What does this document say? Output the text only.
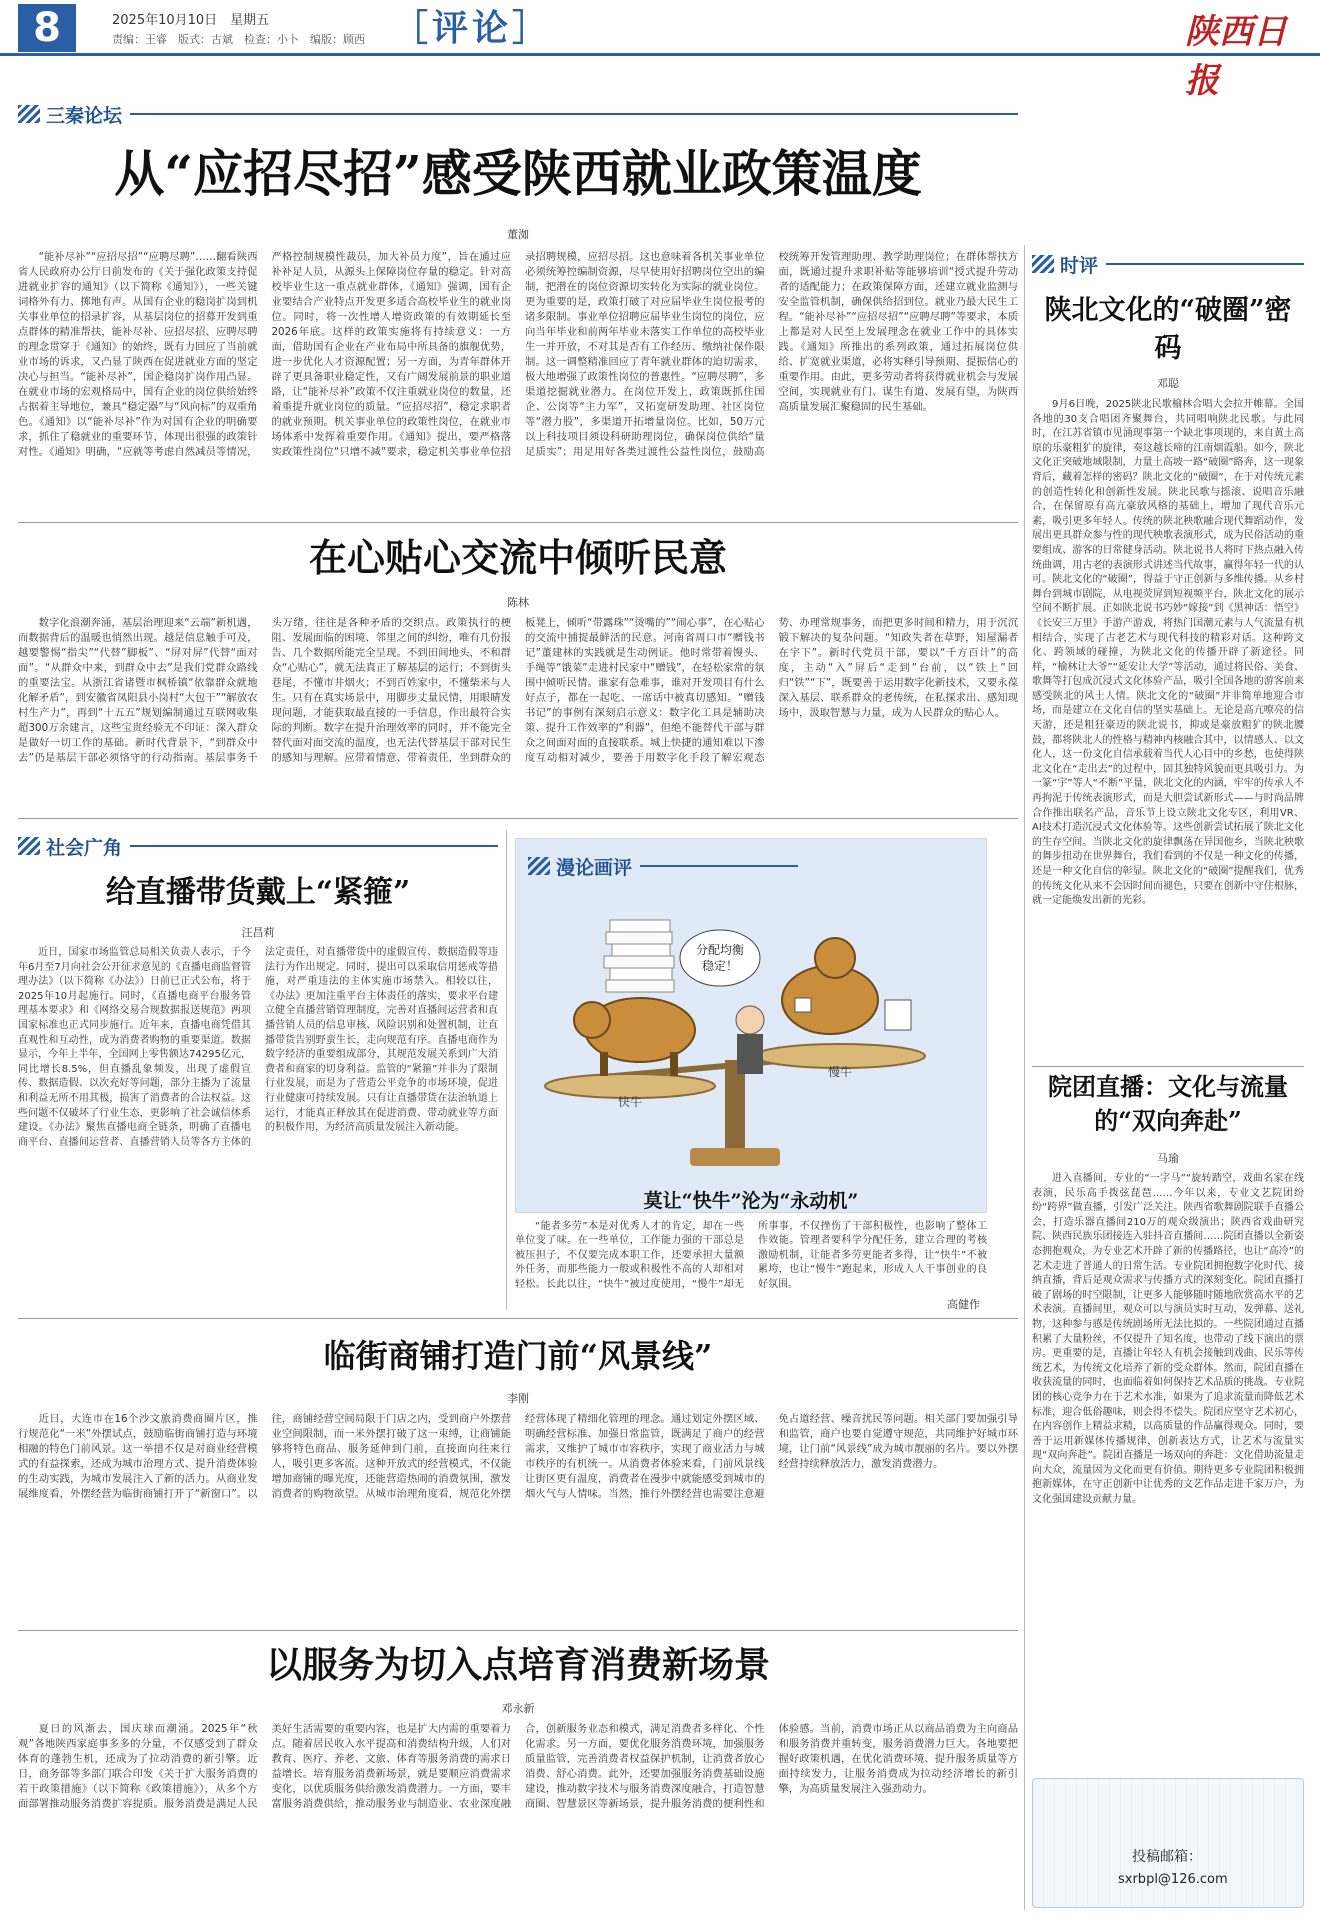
8	2025年10月10日　星期五
责编：王睿　版式：古斌　检查：小卜　编版：顾西 ［评论］	陕西日报
三秦论坛
从“应招尽招”感受陕西就业政策温度
董洳
“能补尽补”“应招尽招”“应聘尽聘”……翻看陕西省人民政府办公厅日前发布的《关于强化政策支持促进就业扩容的通知》（以下简称《通知》），一些关键词格外有力、掷地有声。从国有企业的稳岗扩岗到机关事业单位的招录扩容，从基层岗位的招募开发到重点群体的精准帮扶，能补尽补、应招尽招、应聘尽聘的理念贯穿于《通知》的始终，既有力回应了当前就业市场的诉求，又凸显了陕西在促进就业方面的坚定决心与担当。“能补尽补”，国企稳岗扩岗作用凸显。在就业市场的宏观格局中，国有企业的岗位供给始终占据着主导地位，兼具“稳定器”与“风向标”的双重角色。《通知》以“能补尽补”作为对国有企业的明确要求，抓住了稳就业的重要环节，体现出很强的政策针对性。《通知》明确，“应就等考虑自然减员等情况，严格控制规模性裁员，加大补员力度”，旨在通过应补补足人员，从源头上保障岗位存量的稳定。针对高校毕业生这一重点就业群体，《通知》强调，国有企业要结合产业特点开发更多适合高校毕业生的就业岗位。同时，将一次性增人增资政策的有效期延长至2026年底。这样的政策实施将有持续意义：一方面，借助国有企业在产业布局中所具备的旗舰优势，进一步优化人才资源配置；另一方面，为青年群体开辟了更具备职业稳定性，又有广阔发展前景的职业道路，让“能补尽补”政策不仅注重就业岗位的数量，还着重提升就业岗位的质量。“应招尽招”，稳定求职者的就业预期。机关事业单位的政策性岗位，在就业市场体系中发挥着重要作用。《通知》提出，要严格落实政策性岗位“只增不减”要求，稳定机关事业单位招录招聘规模，应招尽招。这也意味着各机关事业单位必须统筹控编制资源，尽早使用好招聘岗位空出的编制，把潜在的岗位资源切实转化为实际的就业岗位。更为重要的是，政策打破了对应届毕业生岗位报考的诸多限制。事业单位招聘应届毕业生岗位的岗位，应向当年毕业和前两年毕业未落实工作单位的高校毕业生一并开放，不对其是否有工作经历、缴纳社保作限制。这一调整精准回应了青年就业群体的迫切需求，极大地增强了政策性岗位的普惠性。“应聘尽聘”，多渠道挖掘就业潜力。在岗位开发上，政策既抓住国企、公岗等“主力军”，又拓宽研发助理、社区岗位等“潜力股”，多渠道开拓增量岗位。比如，50万元以上科技项目须设科研助理岗位，确保岗位供给“量足质实”；用足用好各类过渡性公益性岗位，鼓励高校统筹开发管理助理、教学助理岗位；在群体帮扶方面，既通过提升求职补贴等能够培训“授式提升劳动者的适配能力；在政策保障方面，还建立就业监测与安全监管机制，确保供给招到位。就业乃最大民生工程。“能补尽补”“应招尽招”“应聘尽聘”等要求，本质上都是对人民至上发展理念在就业工作中的具体实践。《通知》所推出的系列政策，通过拓展岗位供给、扩宽就业渠道，必将实释引导预期、提振信心的重要作用。由此，更多劳动者将获得就业机会与发展空间，实现就业有门、谋生有道、发展有望，为陕西高质量发展汇聚稳固的民生基础。
在心贴心交流中倾听民意
陈林
数字化浪潮奔涌，基层治理迎来“云端”新机遇，而数据背后的温暖也悄然出现。越是信息触手可及，越要警惕“指尖”“代替”脚板”、“屏对屏”代替“面对面”。“从群众中来，到群众中去”是我们党群众路线的重要法宝。从浙江省诸暨市枫桥镇“依靠群众就地化解矛盾”，到安徽省凤阳县小岗村“大包干”“解放农村生产力”，再到“十五五”规划编制通过互联网收集超300万余建言，这些宝贵经验无不印证：深入群众是做好一切工作的基础。新时代背景下，“到群众中去”仍是基层干部必须恪守的行动指南。基层事务千头万绪，往往是各种矛盾的交织点。政策执行的梗阻、发展面临的困境、邻里之间的纠纷，唯有几份报告、几个数据所能完全呈现。不到田间地头，不和群众“心贴心”，就无法真正了解基层的运行；不到街头巷尾，不懂市井烟火；不到百姓家中，不懂柴米与人生。只有在真实场景中，用脚步丈量民情，用眼睛发现问题，才能获取最直接的一手信息，作出最符合实际的判断。数字在提升治理效率的同时，并不能完全替代面对面交流的温度，也无法代替基层干部对民生的感知与理解。应带着情意、带着责任，坐到群众的板凳上，倾听“带露珠”“烫嘴的”“闹心事”，在心贴心的交流中捕捉最鲜活的民意。河南省周口市“赠钱书记”董建林的实践就是生动例证。他时常带着馒头、手绳等“饿菜”走进村民家中“赠钱”，在轻松家常的氛围中倾听民情。谁家有急难事，谁对开发项目有什么好点子，都在一起吃、一席话中被真切感知。“赠钱书记”的事例有深刻启示意义：数字化工具是辅助决策、提升工作效率的“利器”，但绝不能替代干部与群众之间面对面的直接联系。城上快捷的通知难以下渗度互动相对减少，要善于用数字化手段了解宏观态势、办理常规事务，而把更多时间和精力，用于沉沉锻下解决的复杂问题。“知政失者在草野，知屋漏者在宇下”。新时代党员干部，要以“千方百计”的高度，主动“入”屏后“走到”台前，以“铁上”回归“铁”“下”，既要善于运用数字化新技术，又要永葆深入基层、联系群众的老传统，在私探求出、感知现场中，汲取智慧与力量，成为人民群众的贴心人。
时评
陕北文化的“破圈”密码
邓聪
9月6日晚，2025陕北民歌榆林合唱大会拉开帷幕。全国各地的30支合唱团齐聚舞台，共同唱响陕北民歌。与此同时，在江苏省镇市见涌现事第一个缺北事项现的，来自黄土高原的乐豪粗犷的旋律，奏这越长啼的江南烟霞船。如今，陕北文化正突破地域限制，力量土高坡一路“破圈”路奔，这一现象背后，藏着怎样的密码？陕北文化的“破圈”，在于对传统元素的创造性转化和创新性发展。陕北民歌与摇滚、说唱音乐融合，在保留原有高亢豪放风格的基础上，增加了现代音乐元素，吸引更多年轻人。传统的陕北秧歌融合现代舞蹈动作，发展出更具群众参与性的现代秧歌表演形式，成为民俗活动的重要组成、游客的日常健身活动。陕北说书人将时下热点融入传统曲调，用古老的表演形式讲述当代故事，赢得年轻一代的认可。陕北文化的“破圈”，得益于守正创新与多维传播。从乡村舞台到城市剧院，从电视荧屏到短视频平台，陕北文化的展示空间不断扩展。正如陕北说书巧妙“嫁接”到《黑神话：悟空》《长安三万里》手游产游戏，将热门国潮元素与人气流量有机相结合，实现了古老艺术与现代科技的精彩对话。这种跨文化、跨领域的碰撞，为陕北文化的传播开辟了新途径。同样，“榆林让大爷”“延安让大学”等活动，通过将民俗、美食、歌舞等打包成沉浸式文化体验产品，吸引全国各地的游客前来感受陕北的风土人情。陕北文化的“破圈”并非简单地迎合市场，而是建立在文化自信的坚实基础上。无论是高亢嘹亮的信天游，还是粗狂豪迈的陕北说书，抑或是豪放粗犷的陕北腰鼓，都将陕北人的性格与精神内核融合其中，以情感人、以文化人，这一份文化自信承载着当代人心目中的乡愁，也使得陕北文化在“走出去”的过程中，固其独特风貌而更具吸引力。为一篆“宇”等人“不断”平量，陕北文化的内涵，牢牢的传承人不再拘泥于传统表演形式，而是大胆尝试新形式——与时尚品牌合作推出联名产品，音乐节上设立陕北文化专区，利用VR、AI技术打造沉浸式文化体验等。这些创新尝试拓展了陕北文化的生存空间。当陕北文化的旋律飘荡在异国他乡，当陕北秧歌的舞步扭动在世界舞台，我们看到的不仅是一种文化的传播，还是一种文化自信的彰显。陕北文化的“破圈”提醒我们，优秀的传统文化从来不会因时间而褪色，只要在创新中守住根脉，就一定能焕发出新的光彩。
院团直播：文化与流量的“双向奔赴”
马瑜
进入直播间，专业的“一字马”“旋转踏空，戏曲名家在线表演，民乐高手拨弦琵琶……今年以来，专业文艺院团纷纷“跨界”做直播，引发广泛关注。陕西省歌舞剧院联手直播公会，打造乐器直播间210万的观众级演出；陕西省戏曲研究院、陕西民族乐团接连入驻抖音直播间……院团直播以全新姿态拥抱观众，为专业艺术开辟了新的传播路径，也让“高冷”的艺术走进了普通人的日常生活。专业院团拥抱数字化时代、接纳直播，背后是观众需求与传播方式的深刻变化。院团直播打破了剧场的时空限制，让更多人能够随时随地欣赏高水平的艺术表演。直播间里，观众可以与演员实时互动，发弹幕、送礼物，这种参与感是传统剧场所无法比拟的。一些院团通过直播积累了大量粉丝，不仅提升了知名度，也带动了线下演出的票房。更重要的是，直播让年轻人有机会接触到戏曲、民乐等传统艺术，为传统文化培养了新的受众群体。然而，院团直播在收获流量的同时，也面临着如何保持艺术品质的挑战。专业院团的核心竞争力在于艺术水准，如果为了追求流量而降低艺术标准，迎合低俗趣味，则会得不偿失。院团应坚守艺术初心，在内容创作上精益求精，以高质量的作品赢得观众。同时，要善于运用新媒体传播规律，创新表达方式，让艺术与流量实现“双向奔赴”。院团直播是一场双向的奔赴：文化借助流量走向大众，流量因为文化而更有价值。期待更多专业院团积极拥抱新媒体，在守正创新中让优秀的文艺作品走进千家万户，为文化强国建设贡献力量。
投稿邮箱：
sxrbpl@126.com
社会广角
给直播带货戴上“紧箍”
汪昌莉
近日，国家市场监管总局相关负责人表示，于今年6月至7月向社会公开征求意见的《直播电商监督管理办法》（以下简称《办法》）日前已正式公布，将于2025年10月起施行。同时，《直播电商平台服务管理基本要求》和《网络交易合规数据报送规范》两项国家标准也正式同步施行。近年来，直播电商凭借其直观性和互动性，成为消费者购物的重要渠道。数据显示，今年上半年，全国网上零售额达74295亿元，同比增长8.5%，但直播乱象频发，出现了虚假宣传、数据造假、以次充好等问题，部分主播为了流量和利益无所不用其极，损害了消费者的合法权益。这些问题不仅破坏了行业生态，更影响了社会诚信体系建设。《办法》聚焦直播电商全链条，明确了直播电商平台、直播间运营者、直播营销人员等各方主体的法定责任，对直播带货中的虚假宣传、数据造假等违法行为作出规定。同时，提出可以采取信用惩戒等措施，对严重违法的主体实施市场禁入。相较以往，《办法》更加注重平台主体责任的落实，要求平台建立健全直播营销管理制度，完善对直播间运营者和直播营销人员的信息审核、风险识别和处置机制，让直播带货告别野蛮生长，走向规范有序。直播电商作为数字经济的重要组成部分，其规范发展关系到广大消费者和商家的切身利益。监管的“紧箍”并非为了限制行业发展，而是为了营造公平竞争的市场环境，促进行业健康可持续发展。只有让直播带货在法治轨道上运行，才能真正释放其在促进消费、带动就业等方面的积极作用，为经济高质量发展注入新动能。
漫论画评
分配均衡
稳定！
快牛
慢牛
莫让“快牛”沦为“永动机”
“能者多劳”本是对优秀人才的肯定，却在一些单位变了味。在一些单位，工作能力强的干部总是被压担子，不仅要完成本职工作，还要承担大量额外任务，而那些能力一般或积极性不高的人却相对轻松。长此以往，“快牛”被过度使用，“慢牛”却无所事事，不仅挫伤了干部积极性，也影响了整体工作效能。管理者要科学分配任务，建立合理的考核激励机制，让能者多劳更能者多得，让“快牛”不被累垮，也让“慢牛”跑起来，形成人人干事创业的良好氛围。
高健作
临街商铺打造门前“风景线”
李刚
近日，大连市在16个沙文旅消费商圈片区，推行规范化“一米”外摆试点，鼓励临街商铺打造与环境相融的特色门前风景。这一举措不仅是对商业经营模式的有益探索，还成为城市治理方式、提升消费体验的生动实践，为城市发展注入了新的活力。从商业发展维度看，外摆经营为临街商铺打开了“新窗口”。以往，商铺经营空间局限于门店之内，受到商户外摆营业空间限制，而一米外摆打破了这一束缚，让商铺能够将特色商品、服务延伸到门前，直接面向往来行人，吸引更多客流。这种开放式的经营模式，不仅能增加商铺的曝光度，还能营造热闹的消费氛围，激发消费者的购物欲望。从城市治理角度看，规范化外摆经营体现了精细化管理的理念。通过划定外摆区域、明确经营标准、加强日常监管，既满足了商户的经营需求，又维护了城市市容秩序，实现了商业活力与城市秩序的有机统一。从消费者体验来看，门前风景线让街区更有温度，消费者在漫步中就能感受到城市的烟火气与人情味。当然，推行外摆经营也需要注意避免占道经营、噪音扰民等问题。相关部门要加强引导和监管，商户也要自觉遵守规范，共同维护好城市环境，让门前“风景线”成为城市靓丽的名片。要以外摆经营持续释放活力，激发消费潜力。
以服务为切入点培育消费新场景
邓永新
夏日的风渐去，国庆球而潮涌。2025年“秋观”各地陕西家庭事多多的分量，不仅感受到了群众体育的蓬勃生机，还成为了拉动消费的新引擎。近日，商务部等多部门联合印发《关于扩大服务消费的若干政策措施》（以下简称《政策措施》），从多个方面部署推动服务消费扩容提质。服务消费是满足人民美好生活需要的重要内容，也是扩大内需的重要着力点。随着居民收入水平提高和消费结构升级，人们对教育、医疗、养老、文旅、体育等服务消费的需求日益增长。培育服务消费新场景，就是要顺应消费需求变化，以优质服务供给激发消费潜力。一方面，要丰富服务消费供给，推动服务业与制造业、农业深度融合，创新服务业态和模式，满足消费者多样化、个性化需求。另一方面，要优化服务消费环境，加强服务质量监管，完善消费者权益保护机制，让消费者放心消费、舒心消费。此外，还要加强服务消费基础设施建设，推动数字技术与服务消费深度融合，打造智慧商圈、智慧景区等新场景，提升服务消费的便利性和体验感。当前，消费市场正从以商品消费为主向商品和服务消费并重转变，服务消费潜力巨大。各地要把握好政策机遇，在优化消费环境、提升服务质量等方面持续发力，让服务消费成为拉动经济增长的新引擎，为高质量发展注入强劲动力。
